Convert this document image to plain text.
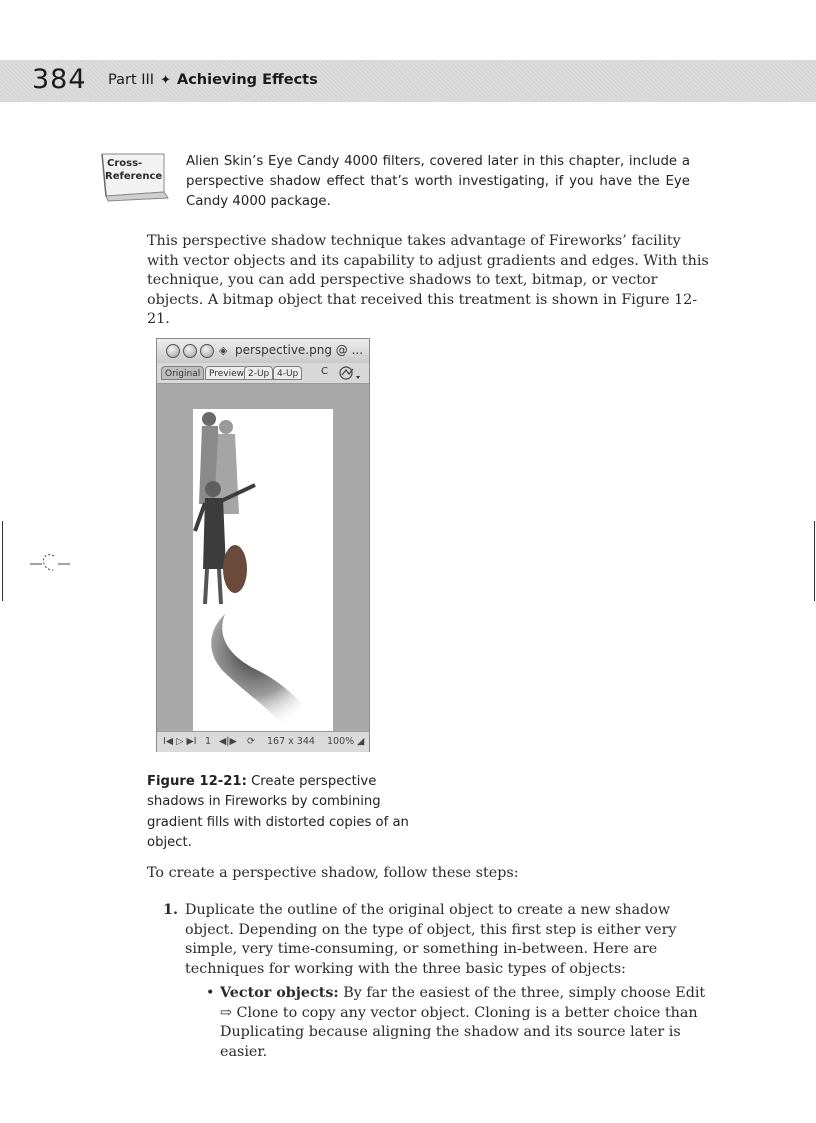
384 Part III ✦ Achieving Effects
Cross-
Reference
Alien Skin’s Eye Candy 4000 filters, covered later in this chapter, include a perspective shadow effect that’s worth investigating, if you have the Eye Candy 4000 package.
This perspective shadow technique takes advantage of Fireworks’ facility with vector objects and its capability to adjust gradients and edges. With this technique, you can add perspective shadows to text, bitmap, or vector objects. A bitmap object that received this treatment is shown in Figure 12-21.
◈ perspective.png @ ...
Original Preview 2-Up 4-Up	C
I◀ ▷ ▶I 1 ◀|▶ ⟳ 167 x 344 100% ◢
Figure 12-21: Create perspective shadows in Fireworks by combining gradient fills with distorted copies of an object.
To create a perspective shadow, follow these steps:
1. Duplicate the outline of the original object to create a new shadow object. Depending on the type of object, this first step is either very simple, very time-consuming, or something in-between. Here are techniques for working with the three basic types of objects:
• Vector objects: By far the easiest of the three, simply choose Edit ⇨ Clone to copy any vector object. Cloning is a better choice than Duplicating because aligning the shadow and its source later is easier.
